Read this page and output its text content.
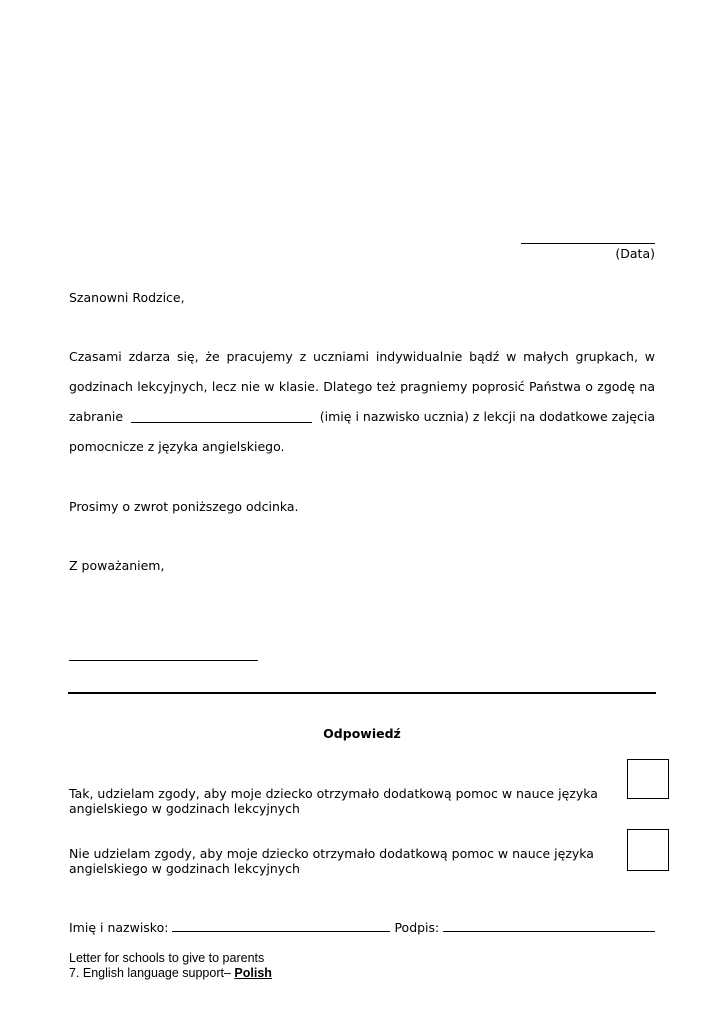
(Data)
Szanowni Rodzice,
Czasami zdarza się, że pracujemy z uczniami indywidualnie bądź w małych grupkach, w
godzinach lekcyjnych, lecz nie w klasie. Dlatego też pragniemy poprosić Państwa o zgodę na
zabranie	(imię i nazwisko ucznia) z lekcji na dodatkowe zajęcia
pomocnicze z języka angielskiego.
Prosimy o zwrot poniższego odcinka.
Z poważaniem,
Odpowiedź
Tak, udzielam zgody, aby moje dziecko otrzymało dodatkową pomoc w nauce języka angielskiego w godzinach lekcyjnych
Nie udzielam zgody, aby moje dziecko otrzymało dodatkową pomoc w nauce języka angielskiego w godzinach lekcyjnych
Imię i nazwisko:	Podpis:
Letter for schools to give to parents
7. English language support– Polish
